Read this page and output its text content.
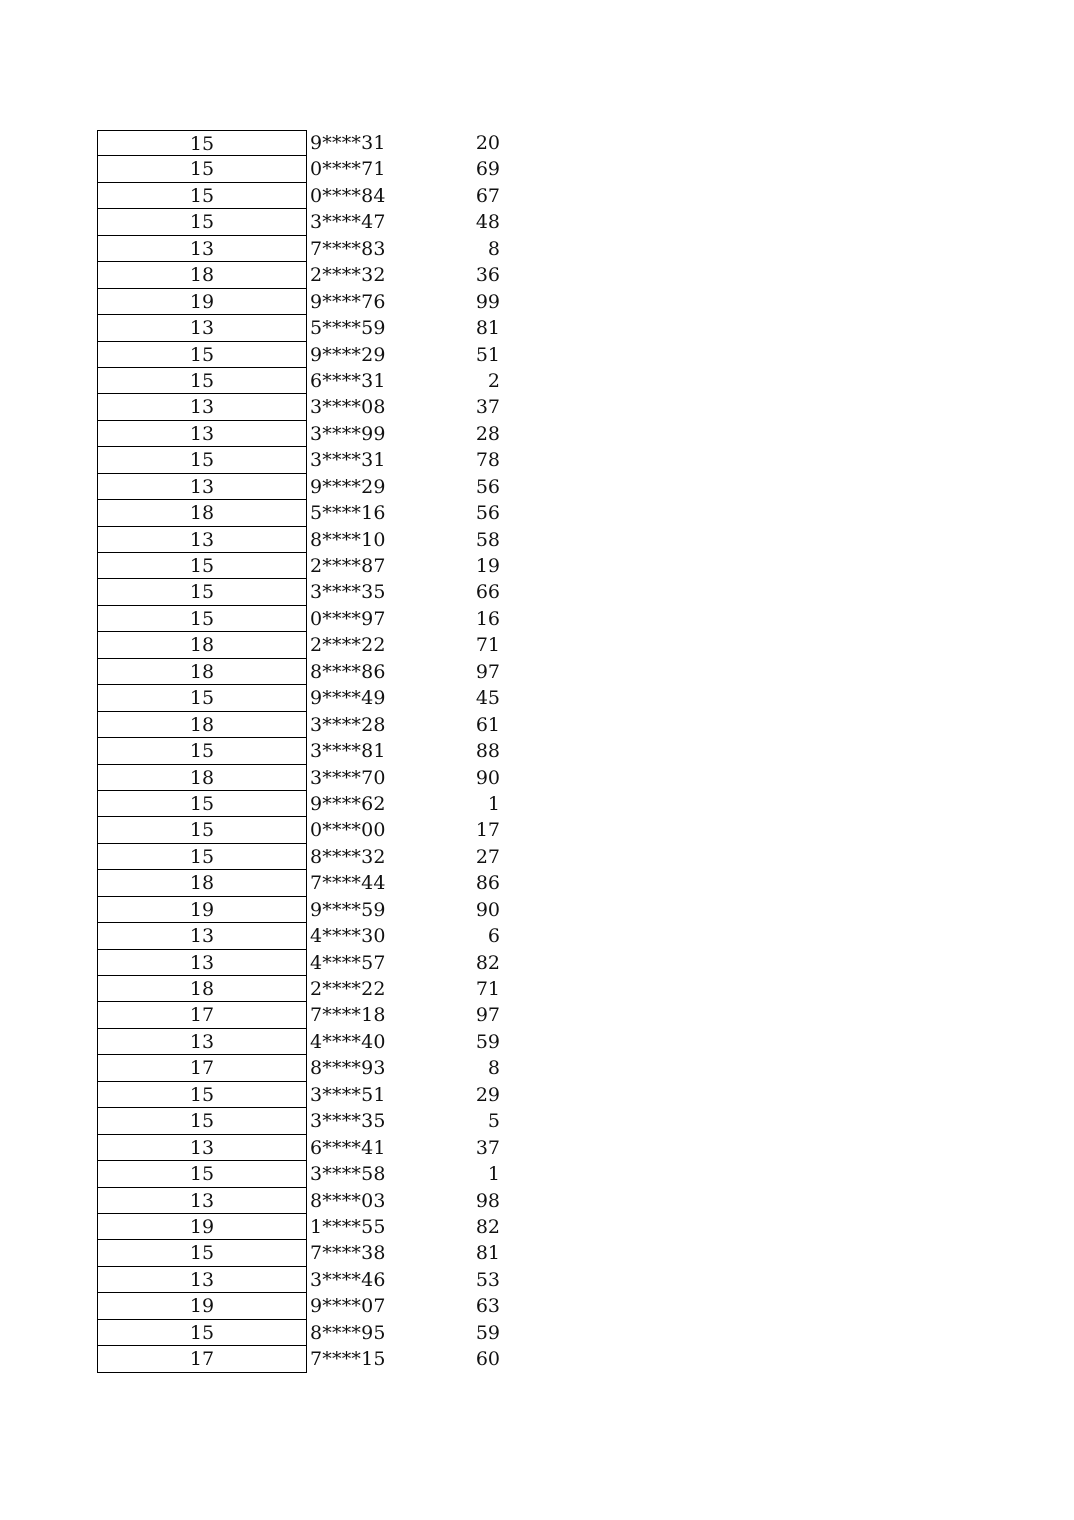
15	9****31	20
15	0****71	69
15	0****84	67
15	3****47	48
13	7****83	8
18	2****32	36
19	9****76	99
13	5****59	81
15	9****29	51
15	6****31	2
13	3****08	37
13	3****99	28
15	3****31	78
13	9****29	56
18	5****16	56
13	8****10	58
15	2****87	19
15	3****35	66
15	0****97	16
18	2****22	71
18	8****86	97
15	9****49	45
18	3****28	61
15	3****81	88
18	3****70	90
15	9****62	1
15	0****00	17
15	8****32	27
18	7****44	86
19	9****59	90
13	4****30	6
13	4****57	82
18	2****22	71
17	7****18	97
13	4****40	59
17	8****93	8
15	3****51	29
15	3****35	5
13	6****41	37
15	3****58	1
13	8****03	98
19	1****55	82
15	7****38	81
13	3****46	53
19	9****07	63
15	8****95	59
17	7****15	60
